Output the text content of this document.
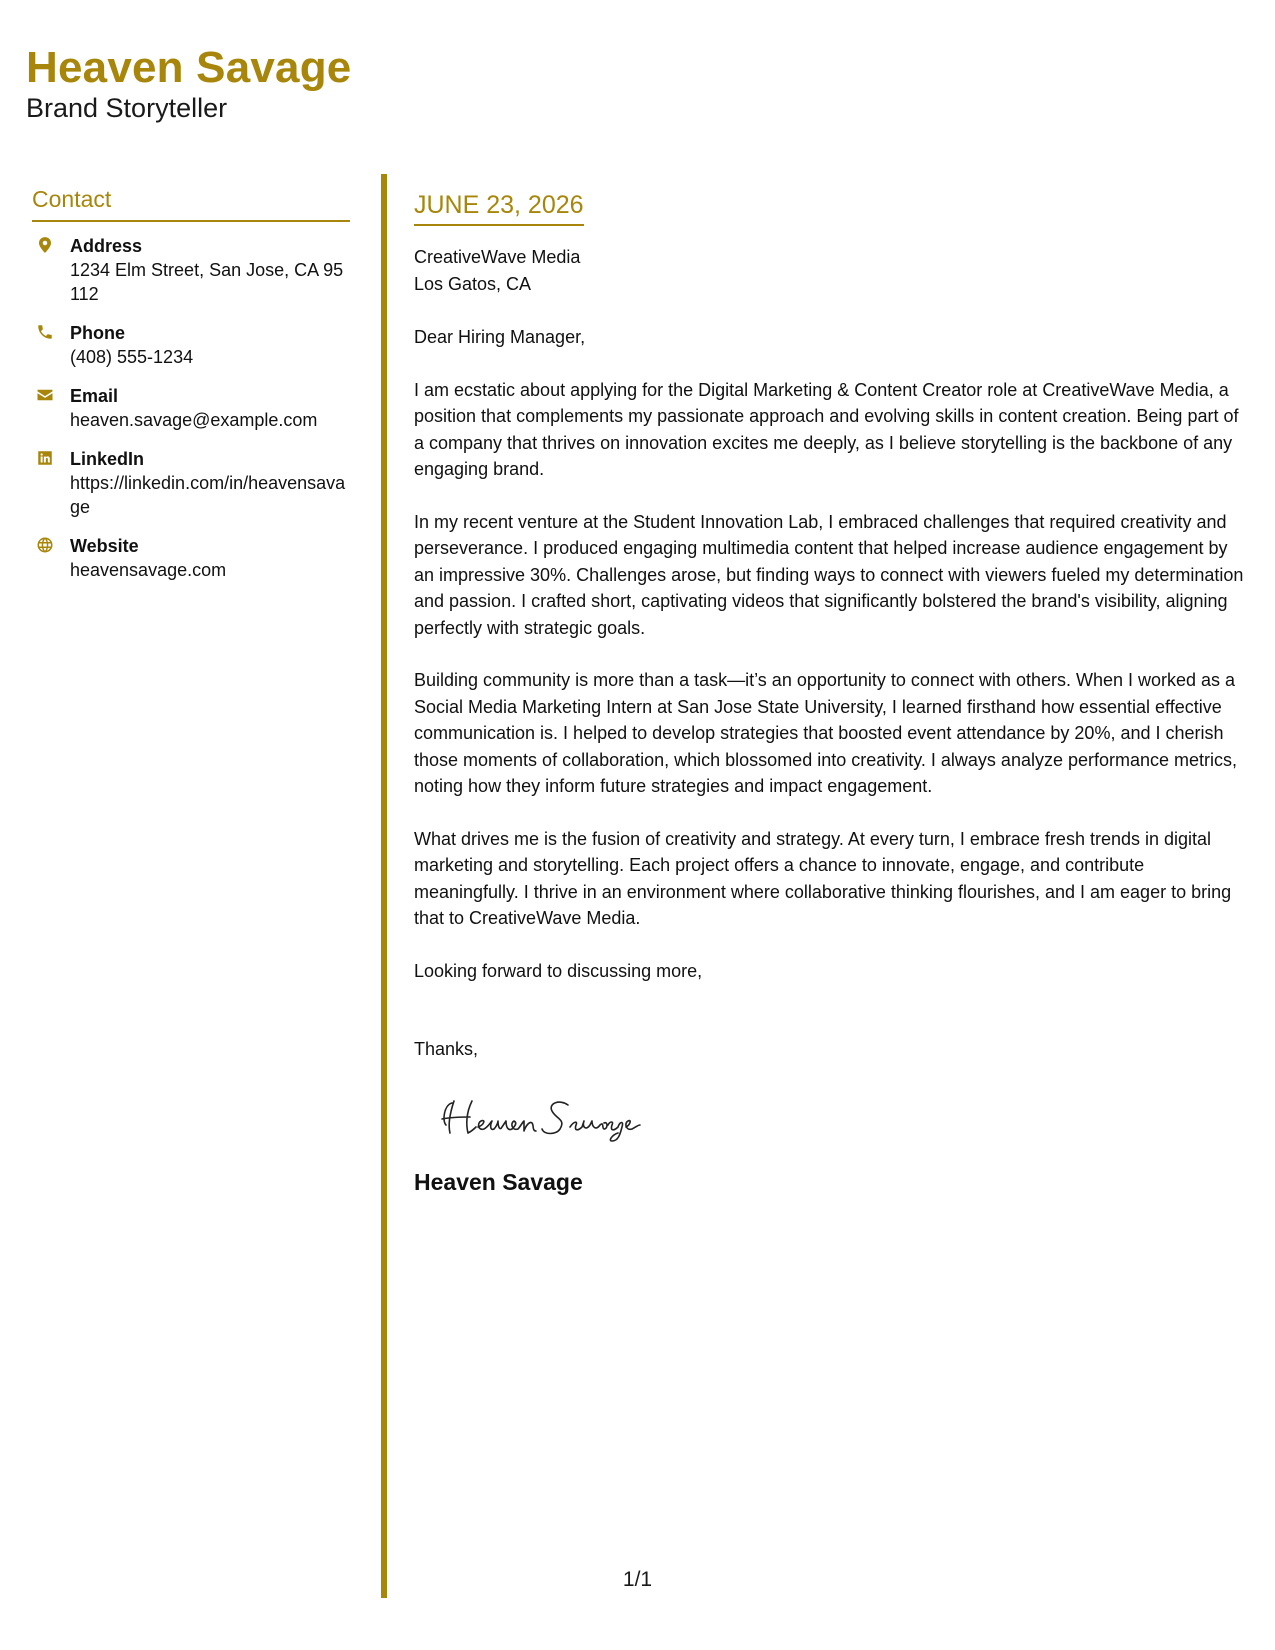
Heaven Savage
Brand Storyteller
Contact
Address
1234 Elm Street, San Jose, CA 95112
Phone
(408) 555-1234
Email
heaven.savage@example.com
LinkedIn
https://linkedin.com/in/heavensavage
Website
heavensavage.com
JUNE 23, 2026
CreativeWave Media
Los Gatos, CA
Dear Hiring Manager,
I am ecstatic about applying for the Digital Marketing & Content Creator role at CreativeWave Media, a position that complements my passionate approach and evolving skills in content creation. Being part of a company that thrives on innovation excites me deeply, as I believe storytelling is the backbone of any engaging brand.
In my recent venture at the Student Innovation Lab, I embraced challenges that required creativity and perseverance. I produced engaging multimedia content that helped increase audience engagement by an impressive 30%. Challenges arose, but finding ways to connect with viewers fueled my determination and passion. I crafted short, captivating videos that significantly bolstered the brand's visibility, aligning perfectly with strategic goals.
Building community is more than a task—it’s an opportunity to connect with others. When I worked as a Social Media Marketing Intern at San Jose State University, I learned firsthand how essential effective communication is. I helped to develop strategies that boosted event attendance by 20%, and I cherish those moments of collaboration, which blossomed into creativity. I always analyze performance metrics, noting how they inform future strategies and impact engagement.
What drives me is the fusion of creativity and strategy. At every turn, I embrace fresh trends in digital marketing and storytelling. Each project offers a chance to innovate, engage, and contribute meaningfully. I thrive in an environment where collaborative thinking flourishes, and I am eager to bring that to CreativeWave Media.
Looking forward to discussing more,
Thanks,
Heaven Savage
1/1
